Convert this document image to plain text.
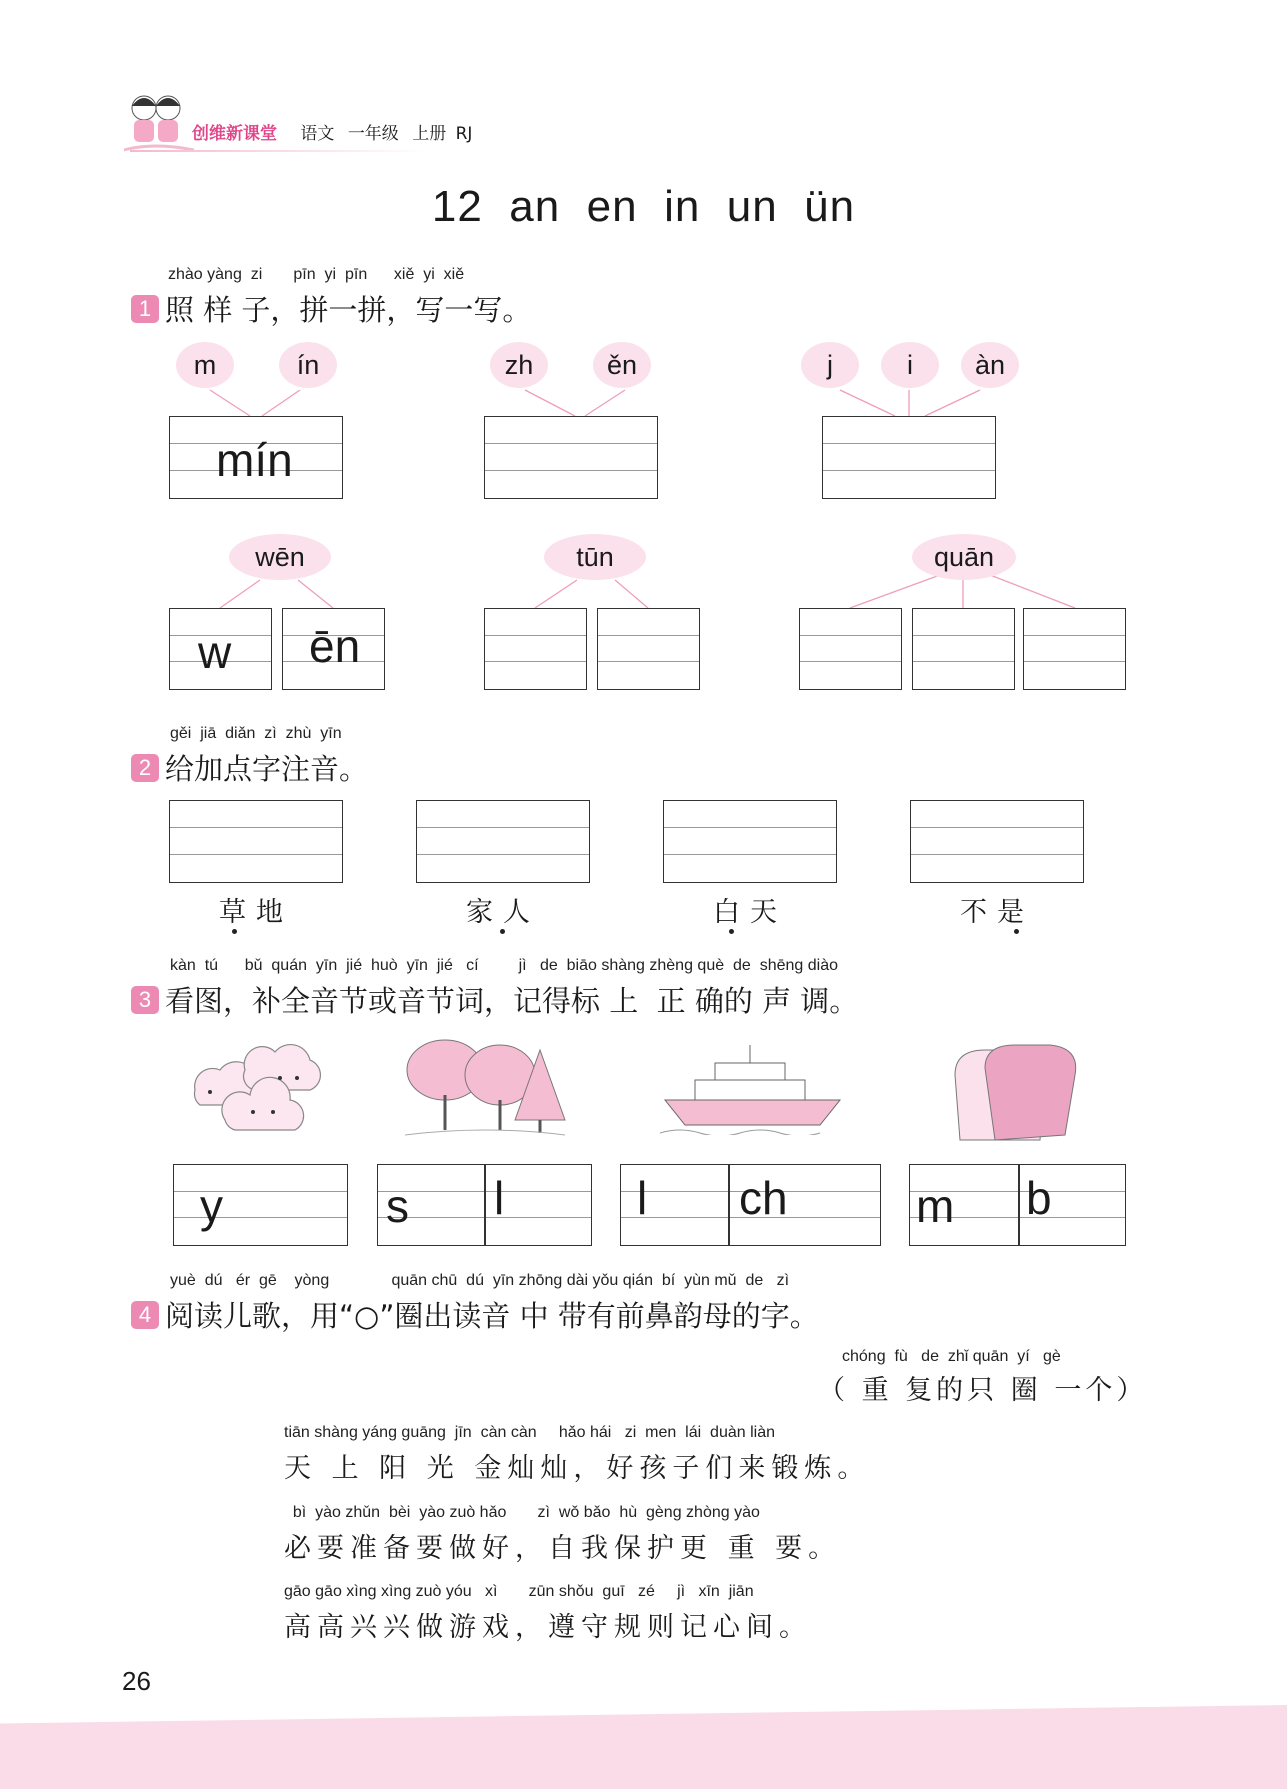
创维新课堂 语文 一年级 上册 RJ
12  an  en  in  un  ün
zhào yàng  zi       pīn  yi  pīn      xiě  yi  xiě
1 照 样 子，拼一拼，写一写。
m	ín	zh	ěn	j	i	àn
mín
wēn	tūn	quān
w ēn
gěi  jiā  diǎn  zì  zhù  yīn
2 给加点字注音。
草地	家人	白天	不是
kàn  tú      bǔ  quán  yīn  jié  huò  yīn  jié   cí         jì   de  biāo shàng zhèng què  de  shēng diào
3 看图，补全音节或音节词，记得标 上  正 确的 声 调。
y	s l	l ch	m b
yuè  dú   ér  gē    yòng              quān chū  dú  yīn zhōng dài yǒu qián  bí  yùn mǔ  de   zì
4 阅读儿歌，用“○”圈出读音 中 带有前鼻韵母的字。
chóng  fù   de  zhǐ quān  yí   gè
（ 重 复的只 圈 一个）
tiān shàng yáng guāng  jīn  càn càn     hǎo hái   zi  men  lái  duàn liàn
天 上 阳 光 金灿灿，好孩子们来锻炼。
bì  yào zhǔn  bèi  yào zuò hǎo       zì  wǒ bǎo  hù  gèng zhòng yào
必要准备要做好，自我保护更 重 要。
gāo gāo xìng xìng zuò yóu   xì       zūn shǒu  guī   zé     jì   xīn  jiān
高高兴兴做游戏，遵守规则记心间。
26
